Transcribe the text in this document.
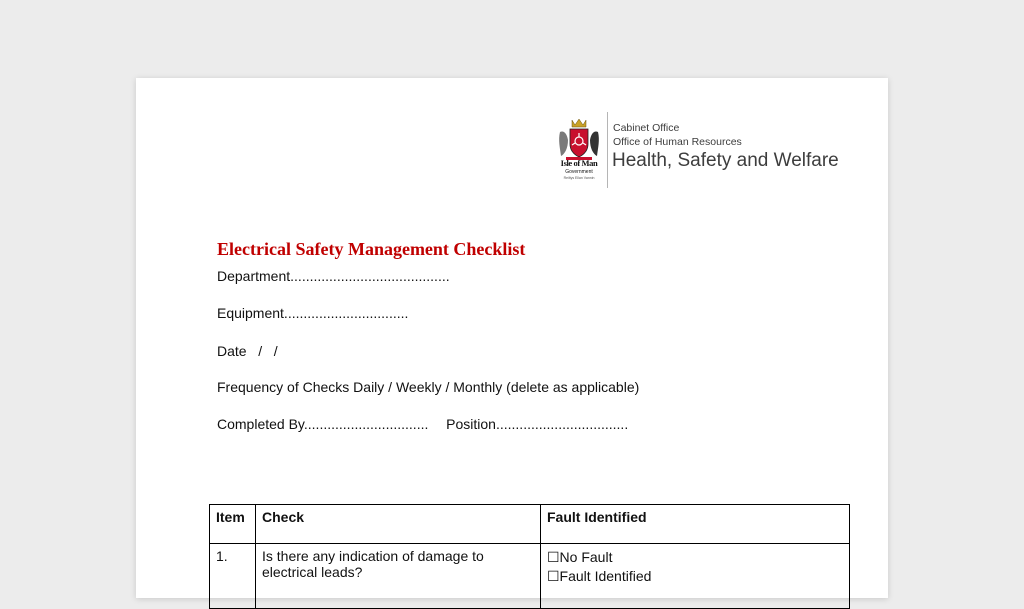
Isle of Man
Government
Reiltys Ellan Vannin
Cabinet Office
Office of Human Resources
Health, Safety and Welfare
Electrical Safety Management Checklist
Department.........................................
Equipment................................
Date   /   /
Frequency of Checks Daily / Weekly / Monthly (delete as applicable)
Completed By................................ Position..................................
Item	Check	Fault Identified
1.	Is there any indication of damage to electrical leads?	☐No Fault
☐Fault Identified
